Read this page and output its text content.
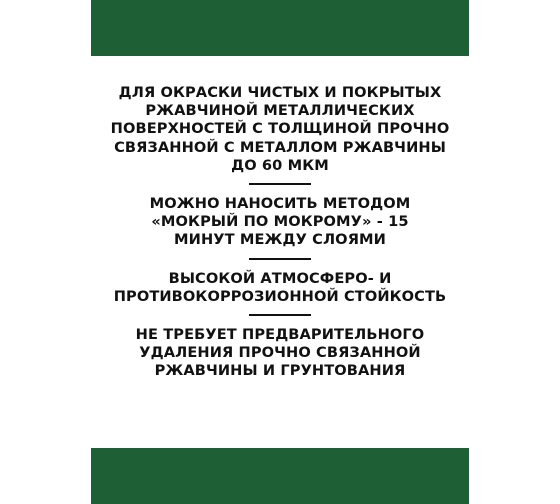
ДЛЯ ОКРАСКИ ЧИСТЫХ И ПОКРЫТЫХ
РЖАВЧИНОЙ МЕТАЛЛИЧЕСКИХ
ПОВЕРХНОСТЕЙ С ТОЛЩИНОЙ ПРОЧНО
СВЯЗАННОЙ С МЕТАЛЛОМ РЖАВЧИНЫ
ДО 60 МКМ

МОЖНО НАНОСИТЬ МЕТОДОМ
«МОКРЫЙ ПО МОКРОМУ» - 15
МИНУТ МЕЖДУ СЛОЯМИ

ВЫСОКОЙ АТМОСФЕРО- И
ПРОТИВОКОРРОЗИОННОЙ СТОЙКОСТЬ

НЕ ТРЕБУЕТ ПРЕДВАРИТЕЛЬНОГО
УДАЛЕНИЯ ПРОЧНО СВЯЗАННОЙ
РЖАВЧИНЫ И ГРУНТОВАНИЯ
